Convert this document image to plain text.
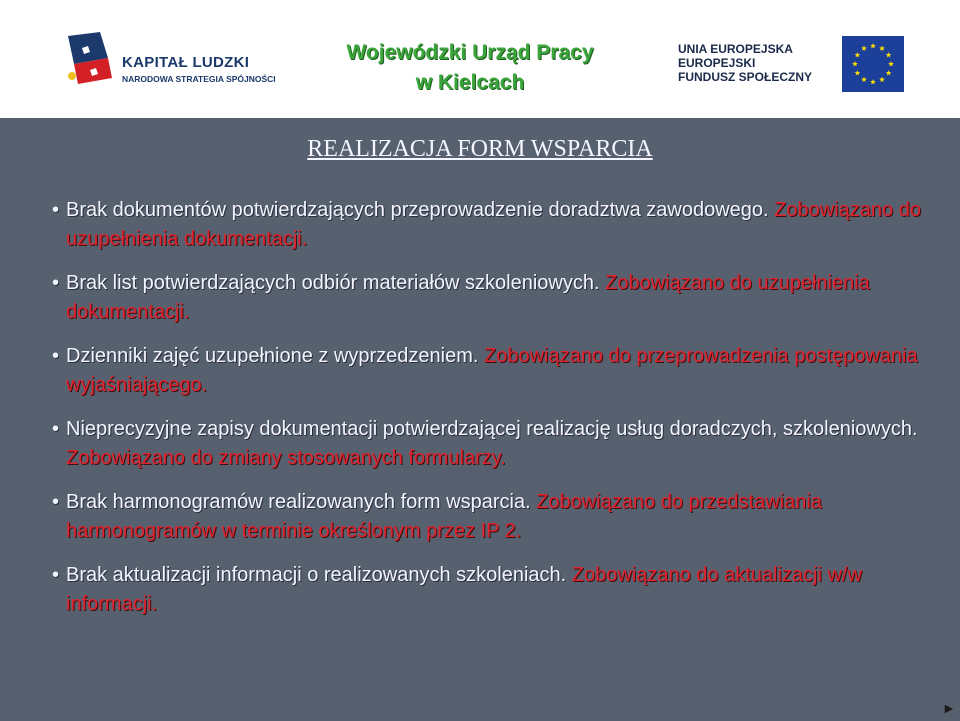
KAPITAŁ LUDZKI
NARODOWA STRATEGIA SPÓJNOŚCI
Wojewódzki Urząd Pracy
w Kielcach
UNIA EUROPEJSKA
EUROPEJSKI
FUNDUSZ SPOŁECZNY
REALIZACJA FORM WSPARCIA
• Brak dokumentów potwierdzających przeprowadzenie doradztwa zawodowego. Zobowiązano do uzupełnienia dokumentacji.
• Brak list potwierdzających odbiór materiałów szkoleniowych. Zobowiązano do uzupełnienia dokumentacji.
• Dzienniki zajęć uzupełnione z wyprzedzeniem. Zobowiązano do przeprowadzenia postępowania wyjaśniającego.
• Nieprecyzyjne zapisy dokumentacji potwierdzającej realizację usług doradczych, szkoleniowych. Zobowiązano do zmiany stosowanych formularzy.
• Brak harmonogramów realizowanych form wsparcia. Zobowiązano do przedstawiania harmonogramów w terminie określonym przez IP 2.
• Brak aktualizacji informacji o realizowanych szkoleniach. Zobowiązano do aktualizacji w/w informacji.
►
